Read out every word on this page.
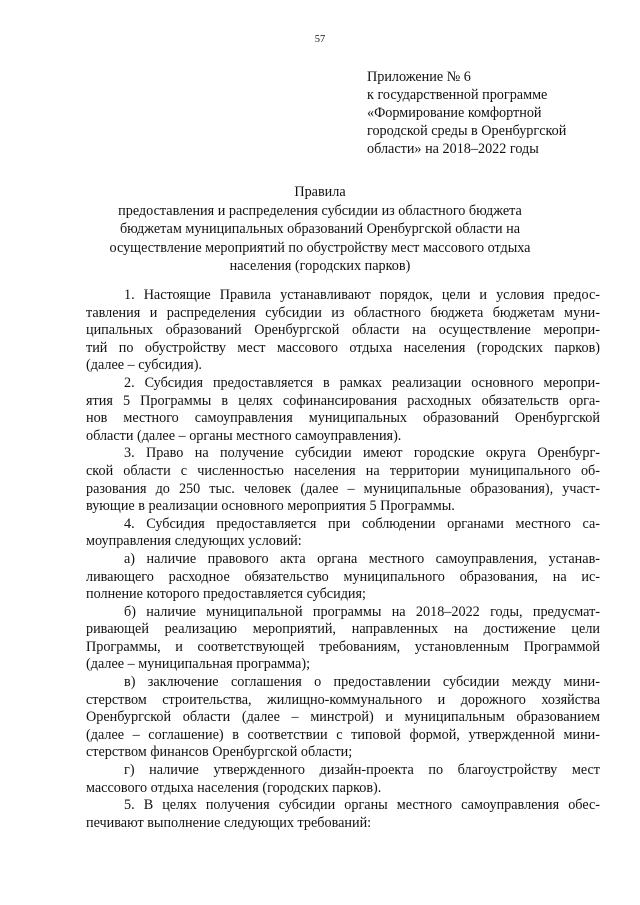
57
Приложение № 6
к государственной программе
«Формирование комфортной
городской среды в Оренбургской
области» на 2018–2022 годы
Правила
предоставления и распределения субсидии из областного бюджета
бюджетам муниципальных образований Оренбургской области на
осуществление мероприятий по обустройству мест массового отдыха
населения (городских парков)
1. Настоящие Правила устанавливают порядок, цели и условия предос-
тавления и распределения субсидии из областного бюджета бюджетам муни-
ципальных образований Оренбургской области на осуществление меропри-
тий по обустройству мест массового отдыха населения (городских парков)
(далее – субсидия).
2. Субсидия предоставляется в рамках реализации основного меропри-
ятия 5 Программы в целях софинансирования расходных обязательств орга-
нов местного самоуправления муниципальных образований Оренбургской
области (далее – органы местного самоуправления).
3. Право на получение субсидии имеют городские округа Оренбург-
ской области с численностью населения на территории муниципального об-
разования до 250 тыс. человек (далее – муниципальные образования), участ-
вующие в реализации основного мероприятия 5 Программы.
4. Субсидия предоставляется при соблюдении органами местного са-
моуправления следующих условий:
а) наличие правового акта органа местного самоуправления, устанав-
ливающего расходное обязательство муниципального образования, на ис-
полнение которого предоставляется субсидия;
б) наличие муниципальной программы на 2018–2022 годы, предусмат-
ривающей реализацию мероприятий, направленных на достижение цели
Программы, и соответствующей требованиям, установленным Программой
(далее – муниципальная программа);
в) заключение соглашения о предоставлении субсидии между мини-
стерством строительства, жилищно-коммунального и дорожного хозяйства
Оренбургской области (далее – минстрой) и муниципальным образованием
(далее – соглашение) в соответствии с типовой формой, утвержденной мини-
стерством финансов Оренбургской области;
г) наличие утвержденного дизайн-проекта по благоустройству мест
массового отдыха населения (городских парков).
5. В целях получения субсидии органы местного самоуправления обес-
печивают выполнение следующих требований:
